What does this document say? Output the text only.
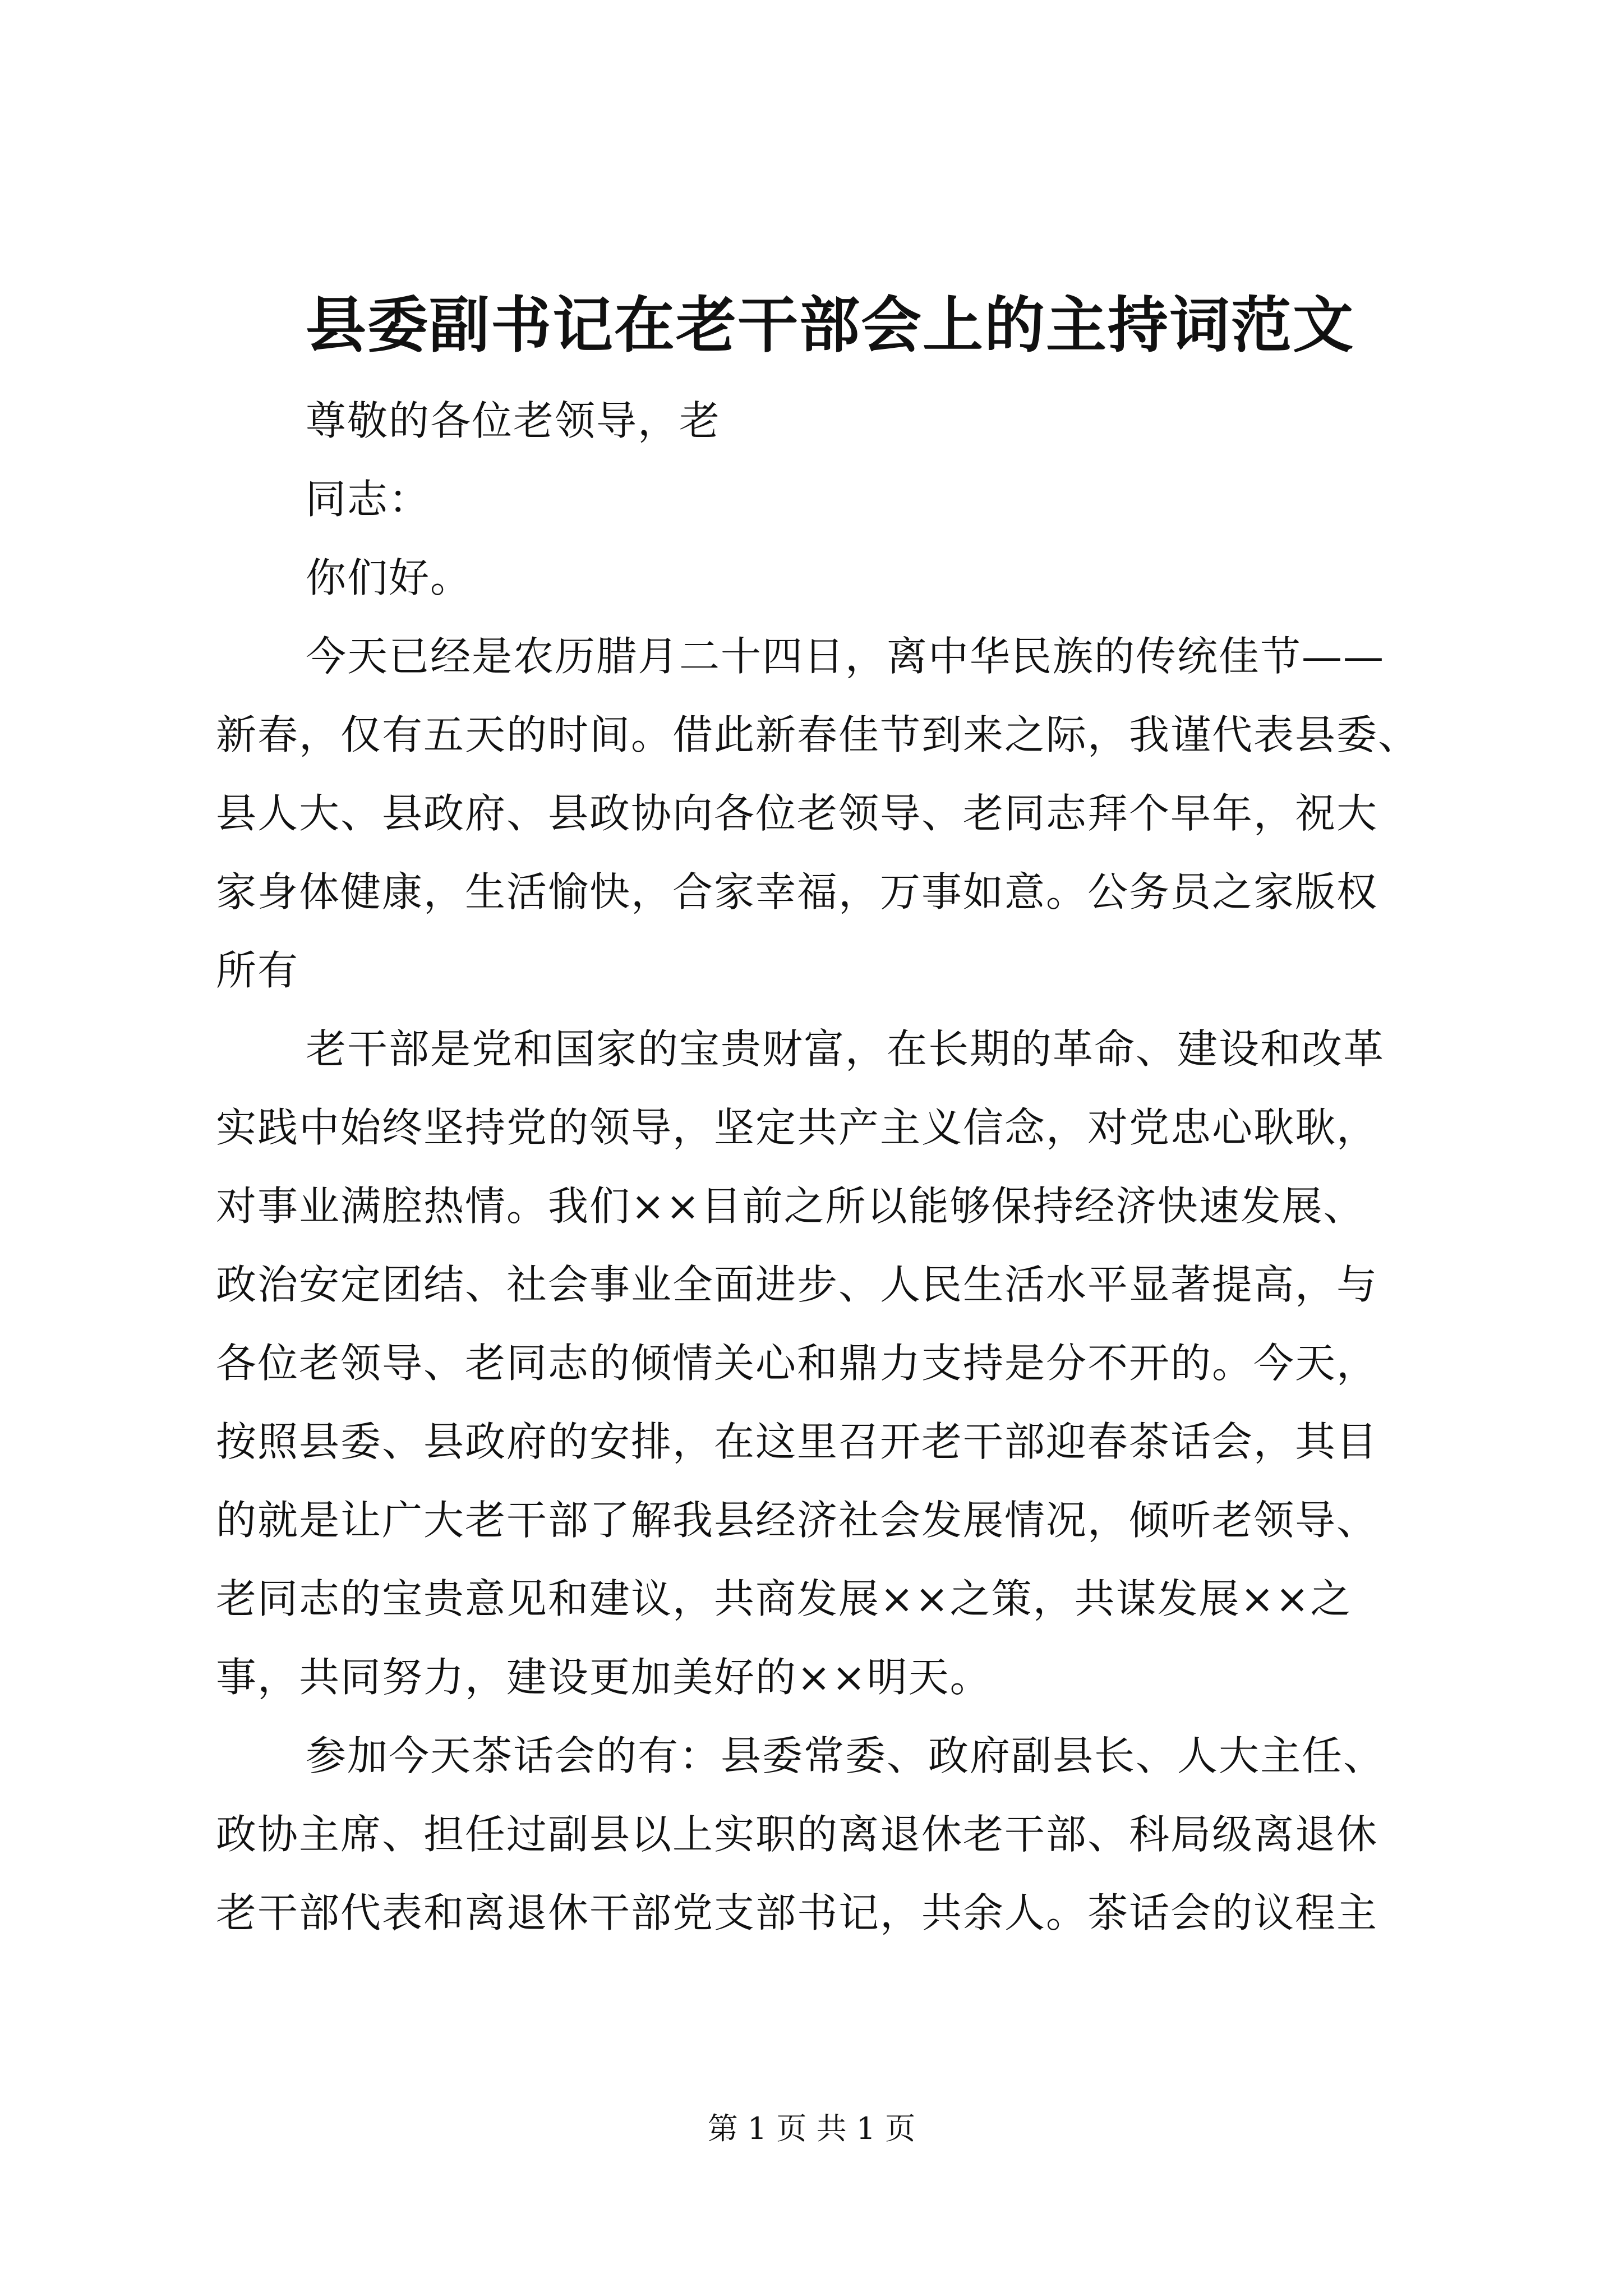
县委副书记在老干部会上的主持词范文
尊敬的各位老领导，老
同志：
你们好。
今天已经是农历腊月二十四日，离中华民族的传统佳节——
新春，仅有五天的时间。借此新春佳节到来之际，我谨代表县委、
县人大、县政府、县政协向各位老领导、老同志拜个早年，祝大
家身体健康，生活愉快，合家幸福，万事如意。公务员之家版权
所有
老干部是党和国家的宝贵财富，在长期的革命、建设和改革
实践中始终坚持党的领导，坚定共产主义信念，对党忠心耿耿，
对事业满腔热情。我们××目前之所以能够保持经济快速发展、
政治安定团结、社会事业全面进步、人民生活水平显著提高，与
各位老领导、老同志的倾情关心和鼎力支持是分不开的。今天，
按照县委、县政府的安排，在这里召开老干部迎春茶话会，其目
的就是让广大老干部了解我县经济社会发展情况，倾听老领导、
老同志的宝贵意见和建议，共商发展××之策，共谋发展××之
事，共同努力，建设更加美好的××明天。
参加今天茶话会的有：县委常委、政府副县长、人大主任、
政协主席、担任过副县以上实职的离退休老干部、科局级离退休
老干部代表和离退休干部党支部书记，共余人。茶话会的议程主
第 1 页 共 1 页
